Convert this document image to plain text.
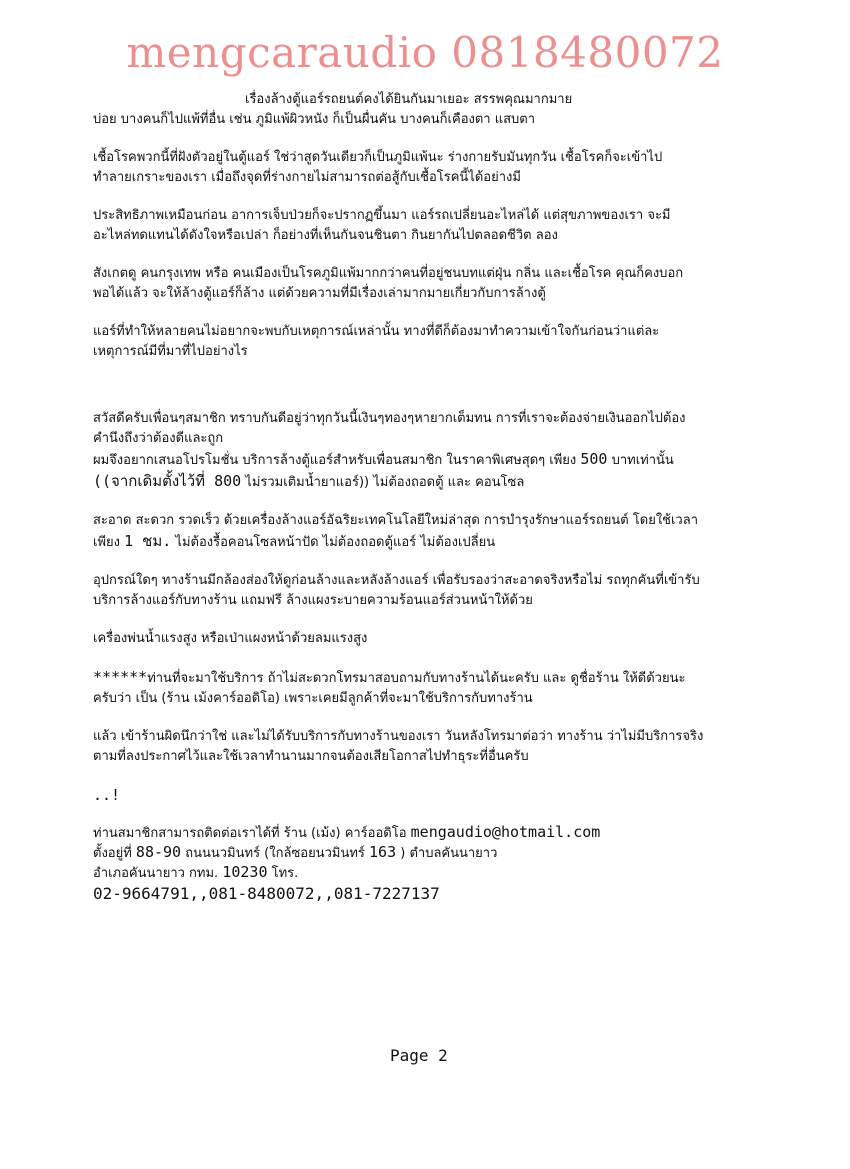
mengcaraudio 0818480072

เรื่องล้างตู้แอร์รถยนต์คงได้ยินกันมาเยอะ สรรพคุณมากมาย

บ่อย บางคนก็ไปแพ้ที่อื่น เช่น ภูมิแพ้ผิวหนัง ก็เป็นผื่นคัน บางคนก็เคืองตา แสบตา

เชื้อโรคพวกนี้ที่ฝังตัวอยู่ในตู้แอร์ ใช่ว่าสูดวันเดียวก็เป็นภูมิแพ้นะ ร่างกายรับมันทุกวัน เชื้อโรคก็จะเข้าไป

ทำลายเกราะของเรา เมื่อถึงจุดที่ร่างกายไม่สามารถต่อสู้กับเชื้อโรคนี้ได้อย่างมี

ประสิทธิภาพเหมือนก่อน อาการเจ็บป่วยก็จะปรากฏขึ้นมา แอร์รถเปลี่ยนอะไหล่ได้ แต่สุขภาพของเรา จะมี

อะไหล่ทดแทนได้ดังใจหรือเปล่า ก็อย่างที่เห็นกันจนชินตา กินยากันไปตลอดชีวิต ลอง

สังเกตดู คนกรุงเทพ หรือ คนเมืองเป็นโรคภูมิแพ้มากกว่าคนที่อยู่ชนบทแต่ฝุ่น กลิ่น และเชื้อโรค คุณก็คงบอก

พอได้แล้ว จะให้ล้างตู้แอร์ก็ล้าง แต่ด้วยความที่มีเรื่องเล่ามากมายเกี่ยวกับการล้างตู้

แอร์ที่ทำให้หลายคนไม่อยากจะพบกับเหตุการณ์เหล่านั้น ทางที่ดีก็ต้องมาทำความเข้าใจกันก่อนว่าแต่ละ

เหตุการณ์มีที่มาที่ไปอย่างไร

สวัสดีครับเพื่อนๆสมาชิก ทราบกันดีอยู่ว่าทุกวันนี้เงินๆทองๆหายากเต็มทน การที่เราจะต้องจ่ายเงินออกไปต้อง

คำนึงถึงว่าต้องดีและถูก

ผมจึงอยากเสนอโปรโมชั่น บริการล้างตู้แอร์สำหรับเพื่อนสมาชิก ในราคาพิเศษสุดๆ เพียง 500 บาทเท่านั้น

((จากเดิมตั้งไว้ที่ 800 ไม่รวมเติมน้ำยาแอร์)) ไม่ต้องถอดตู้ และ คอนโซล

สะอาด สะดวก รวดเร็ว ด้วยเครื่องล้างแอร์อัฉริยะเทคโนโลยีใหม่ล่าสุด การบำรุงรักษาแอร์รถยนต์ โดยใช้เวลา

เพียง 1 ชม. ไม่ต้องรื้อคอนโซลหน้าปัด ไม่ต้องถอดตู้แอร์ ไม่ต้องเปลี่ยน

อุปกรณ์ใดๆ ทางร้านมีกล้องส่องให้ดูก่อนล้างและหลังล้างแอร์ เพื่อรับรองว่าสะอาดจริงหรือไม่ รถทุกคันที่เข้ารับ

บริการล้างแอร์กับทางร้าน แถมฟรี ล้างแผงระบายความร้อนแอร์ส่วนหน้าให้ด้วย

เครื่องพ่นน้ำแรงสูง หรือเป่าแผงหน้าด้วยลมแรงสูง

******ท่านที่จะมาใช้บริการ ถ้าไม่สะดวกโทรมาสอบถามกับทางร้านได้นะครับ และ ดูชื่อร้าน ให้ดีด้วยนะ

ครับว่า เป็น (ร้าน เม้งคาร์ออดิโอ) เพราะเคยมีลูกค้าที่จะมาใช้บริการกับทางร้าน

แล้ว เข้าร้านผิดนึกว่าใช่ และไม่ได้รับบริการกับทางร้านของเรา วันหลังโทรมาต่อว่า ทางร้าน ว่าไม่มีบริการจริง

ตามที่ลงประกาศไว้และใช้เวลาทำนานมากจนต้องเสียโอกาสไปทำธุระที่อื่นครับ

..!

ท่านสมาชิกสามารถติดต่อเราได้ที่ ร้าน (เม้ง) คาร์ออดิโอ mengaudio@hotmail.com

ตั้งอยู่ที่ 88-90 ถนนนวมินทร์ (ใกล้ซอยนวมินทร์ 163 ) ตำบลคันนายาว

อำเภอคันนายาว กทม. 10230 โทร.

02-9664791,,081-8480072,,081-7227137

Page 2
